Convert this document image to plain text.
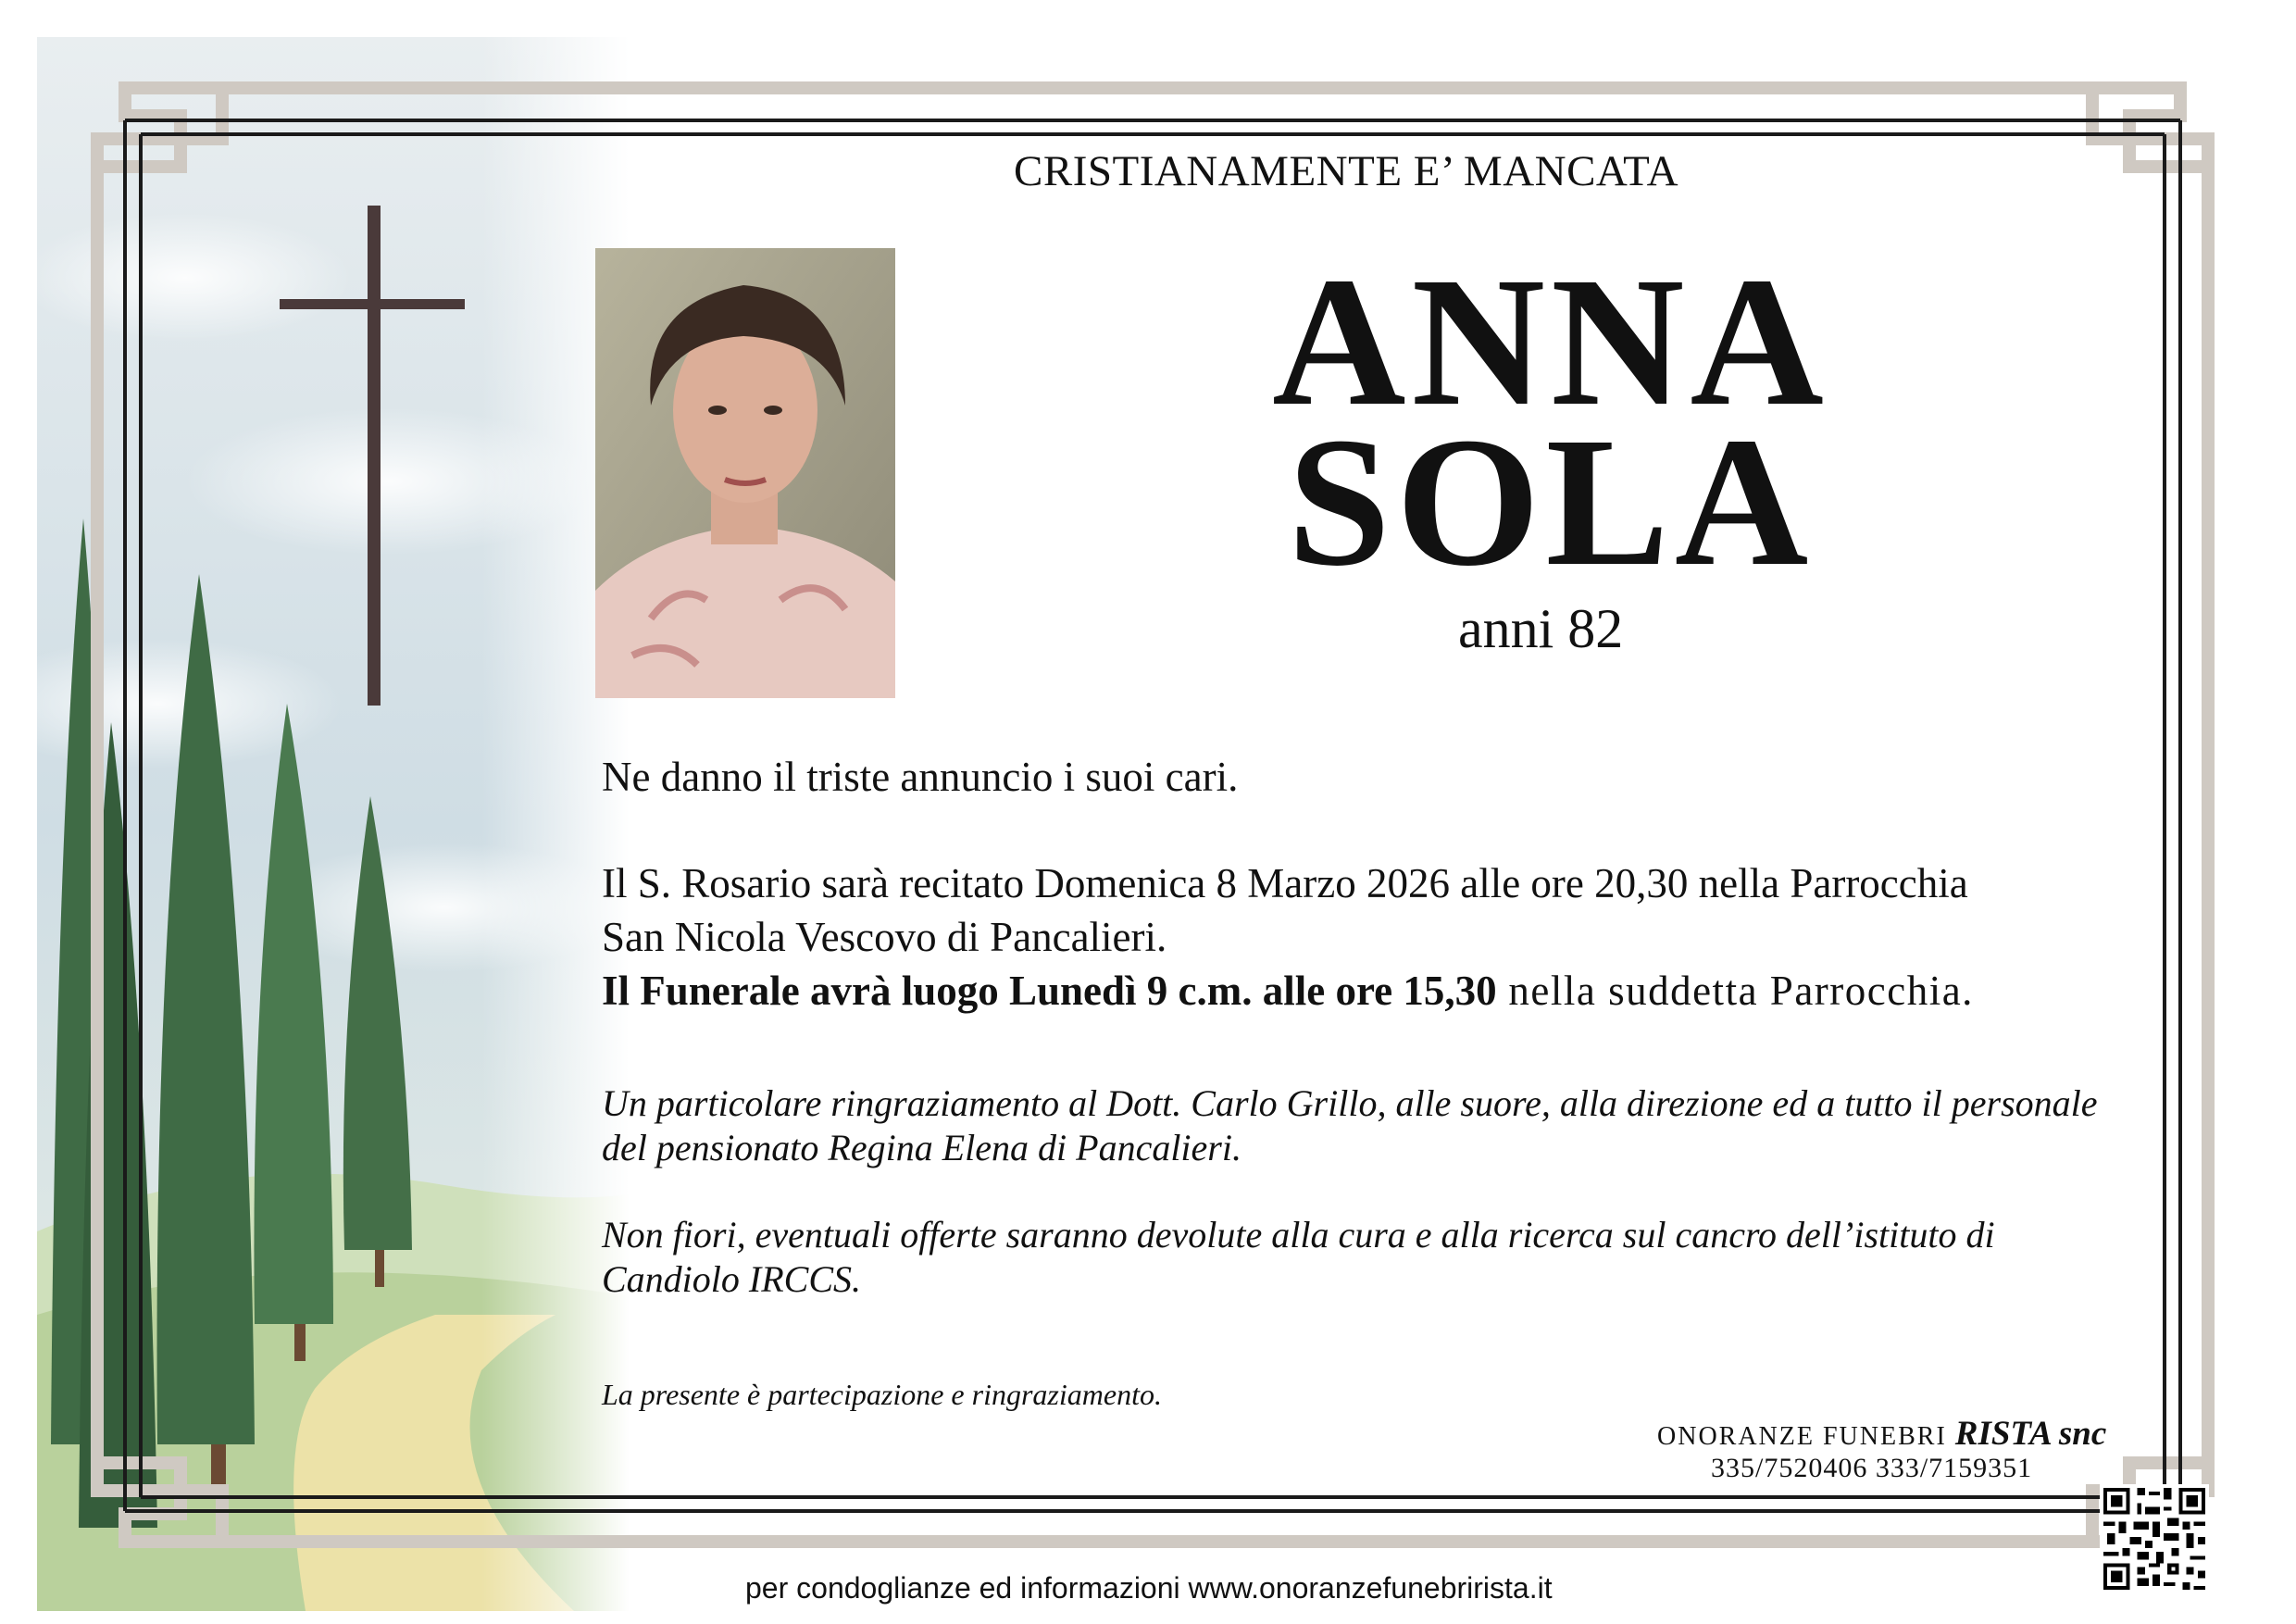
CRISTIANAMENTE E’ MANCATA

ANNA

SOLA

anni 82

Ne danno il triste annuncio i suoi cari.

Il S. Rosario sarà recitato Domenica 8 Marzo 2026 alle ore 20,30 nella Parrocchia
San Nicola Vescovo di Pancalieri.
Il Funerale avrà luogo Lunedì 9 c.m. alle ore 15,30 nella suddetta Parrocchia.
Un particolare ringraziamento al Dott. Carlo Grillo, alle suore, alla direzione ed a tutto il personale
del pensionato Regina Elena di Pancalieri.
Non fiori, eventuali offerte saranno devolute alla cura e alla ricerca sul cancro dell’istituto di
Candiolo IRCCS.

La presente è partecipazione e ringraziamento.

ONORANZE FUNEBRI RISTA snc

335/7520406 333/7159351

per condoglianze ed informazioni www.onoranzefunebrirista.it
